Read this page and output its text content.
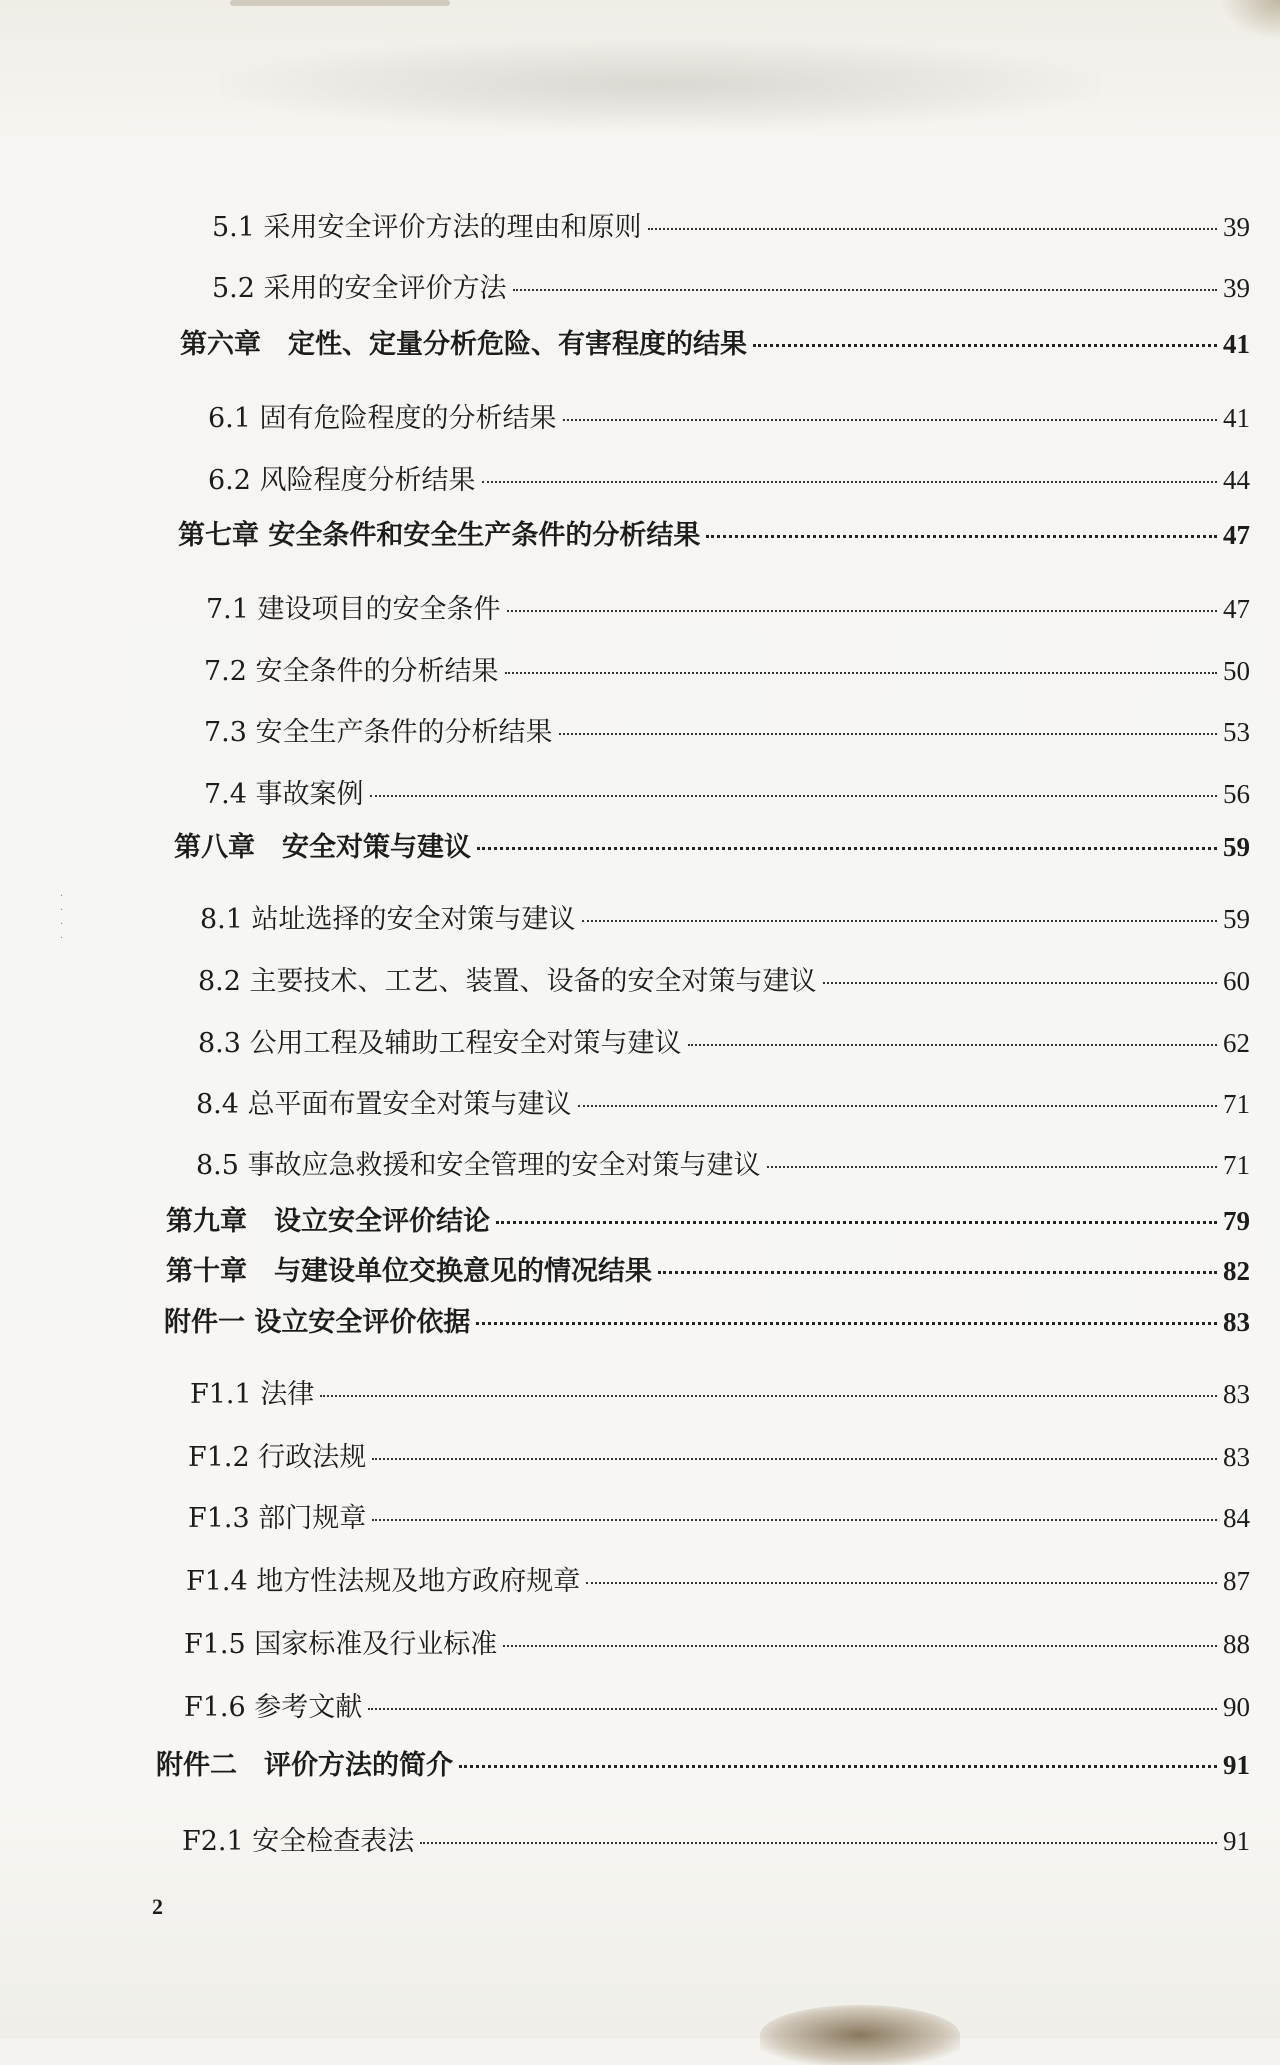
·
·
·
·
5.1 采用安全评价方法的理由和原则	39
5.2 采用的安全评价方法	39
第六章　定性、定量分析危险、有害程度的结果	41
6.1 固有危险程度的分析结果	41
6.2 风险程度分析结果	44
第七章 安全条件和安全生产条件的分析结果	47
7.1 建设项目的安全条件	47
7.2 安全条件的分析结果	50
7.3 安全生产条件的分析结果	53
7.4 事故案例	56
第八章　安全对策与建议	59
8.1 站址选择的安全对策与建议	59
8.2 主要技术、工艺、装置、设备的安全对策与建议	60
8.3 公用工程及辅助工程安全对策与建议	62
8.4 总平面布置安全对策与建议	71
8.5 事故应急救援和安全管理的安全对策与建议	71
第九章　设立安全评价结论	79
第十章　与建设单位交换意见的情况结果	82
附件一 设立安全评价依据	83
F1.1 法律	83
F1.2 行政法规	83
F1.3 部门规章	84
F1.4 地方性法规及地方政府规章	87
F1.5 国家标准及行业标准	88
F1.6 参考文献	90
附件二　评价方法的简介	91
F2.1 安全检查表法	91
2
